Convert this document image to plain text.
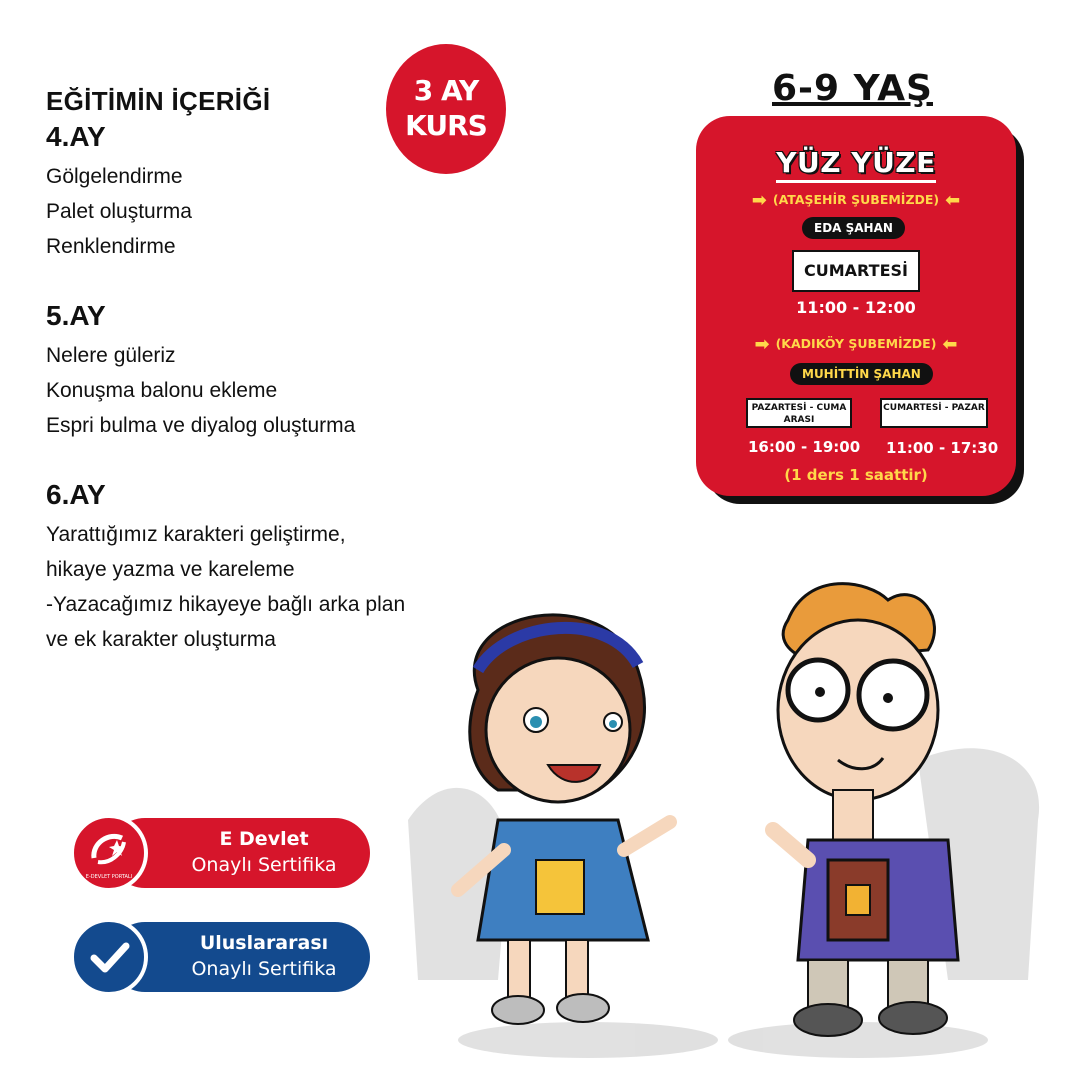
EĞİTİMİN İÇERİĞİ
4.AY
Gölgelendirme
Palet oluşturma
Renklendirme
5.AY
Nelere güleriz
Konuşma balonu ekleme
Espri bulma ve diyalog oluşturma
6.AY
Yarattığımız karakteri geliştirme,
hikaye yazma ve kareleme
-Yazacağımız hikayeye bağlı arka plan
ve ek karakter oluşturma
3 AY
KURS
6-9 YAŞ
YÜZ YÜZE
➡ (ATAŞEHİR ŞUBEMİZDE) ⬅
EDA ŞAHAN
CUMARTESİ
11:00 - 12:00
➡ (KADIKÖY ŞUBEMİZDE) ⬅
MUHİTTİN ŞAHAN
PAZARTESİ - CUMA ARASI
CUMARTESİ - PAZAR
16:00 - 19:00 11:00 - 17:30
(1 ders 1 saattir)
E-DEVLET PORTALI
E Devlet
Onaylı Sertifika
Uluslararası
Onaylı Sertifika
